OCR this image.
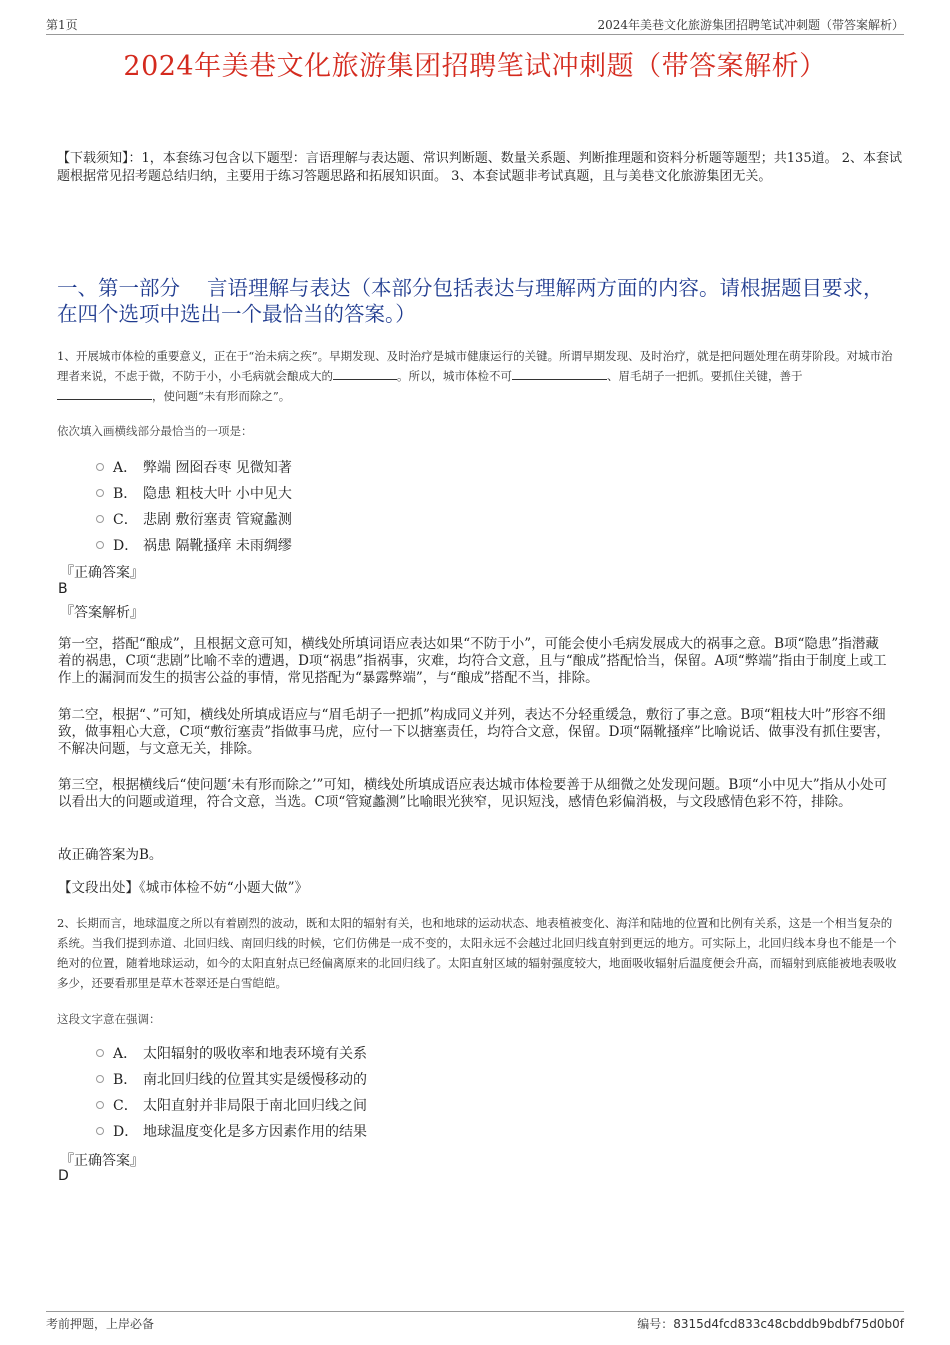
第1页	2024年美巷文化旅游集团招聘笔试冲刺题（带答案解析）
2024年美巷文化旅游集团招聘笔试冲刺题（带答案解析）
【下载须知】：1，本套练习包含以下题型：言语理解与表达题、常识判断题、数量关系题、判断推理题和资料分析题等题型；共135道。 2、本套试题根据常见招考题总结归纳，主要用于练习答题思路和拓展知识面。 3、本套试题非考试真题，且与美巷文化旅游集团无关。
一、第一部分　 言语理解与表达（本部分包括表达与理解两方面的内容。请根据题目要求，在四个选项中选出一个最恰当的答案。）
1、开展城市体检的重要意义，正在于“治未病之疾”。早期发现、及时治疗是城市健康运行的关键。所谓早期发现、及时治疗，就是把问题处理在萌芽阶段。对城市治理者来说，不虑于微，不防于小，小毛病就会酿成大的	。所以，城市体检不可	、眉毛胡子一把抓。要抓住关键，善于，使问题“未有形而除之”。
依次填入画横线部分最恰当的一项是：
A． 弊端 囫囵吞枣 见微知著
B． 隐患 粗枝大叶 小中见大
C． 悲剧 敷衍塞责 管窥蠡测
D． 祸患 隔靴搔痒 未雨绸缪
『正确答案』
B
『答案解析』
第一空，搭配“酿成”，且根据文意可知，横线处所填词语应表达如果“不防于小”，可能会使小毛病发展成大的祸事之意。B项“隐患”指潜藏着的祸患，C项“悲剧”比喻不幸的遭遇，D项“祸患”指祸事，灾难，均符合文意，且与“酿成”搭配恰当，保留。A项“弊端”指由于制度上或工作上的漏洞而发生的损害公益的事情，常见搭配为“暴露弊端”，与“酿成”搭配不当，排除。
第二空，根据“、”可知，横线处所填成语应与“眉毛胡子一把抓”构成同义并列，表达不分轻重缓急，敷衍了事之意。B项“粗枝大叶”形容不细致，做事粗心大意，C项“敷衍塞责”指做事马虎，应付一下以搪塞责任，均符合文意，保留。D项“隔靴搔痒”比喻说话、做事没有抓住要害，不解决问题，与文意无关，排除。
第三空，根据横线后“使问题‘未有形而除之’”可知，横线处所填成语应表达城市体检要善于从细微之处发现问题。B项“小中见大”指从小处可以看出大的问题或道理，符合文意，当选。C项“管窥蠡测”比喻眼光狭窄，见识短浅，感情色彩偏消极，与文段感情色彩不符，排除。
故正确答案为B。
【文段出处】《城市体检不妨“小题大做”》
2、长期而言，地球温度之所以有着剧烈的波动，既和太阳的辐射有关，也和地球的运动状态、地表植被变化、海洋和陆地的位置和比例有关系，这是一个相当复杂的系统。当我们提到赤道、北回归线、南回归线的时候，它们仿佛是一成不变的，太阳永远不会越过北回归线直射到更远的地方。可实际上，北回归线本身也不能是一个绝对的位置，随着地球运动，如今的太阳直射点已经偏离原来的北回归线了。太阳直射区域的辐射强度较大，地面吸收辐射后温度便会升高，而辐射到底能被地表吸收多少，还要看那里是草木苍翠还是白雪皑皑。
这段文字意在强调：
A． 太阳辐射的吸收率和地表环境有关系
B． 南北回归线的位置其实是缓慢移动的
C． 太阳直射并非局限于南北回归线之间
D． 地球温度变化是多方因素作用的结果
『正确答案』
D
考前押题，上岸必备	编号：8315d4fcd833c48cbddb9bdbf75d0b0f
